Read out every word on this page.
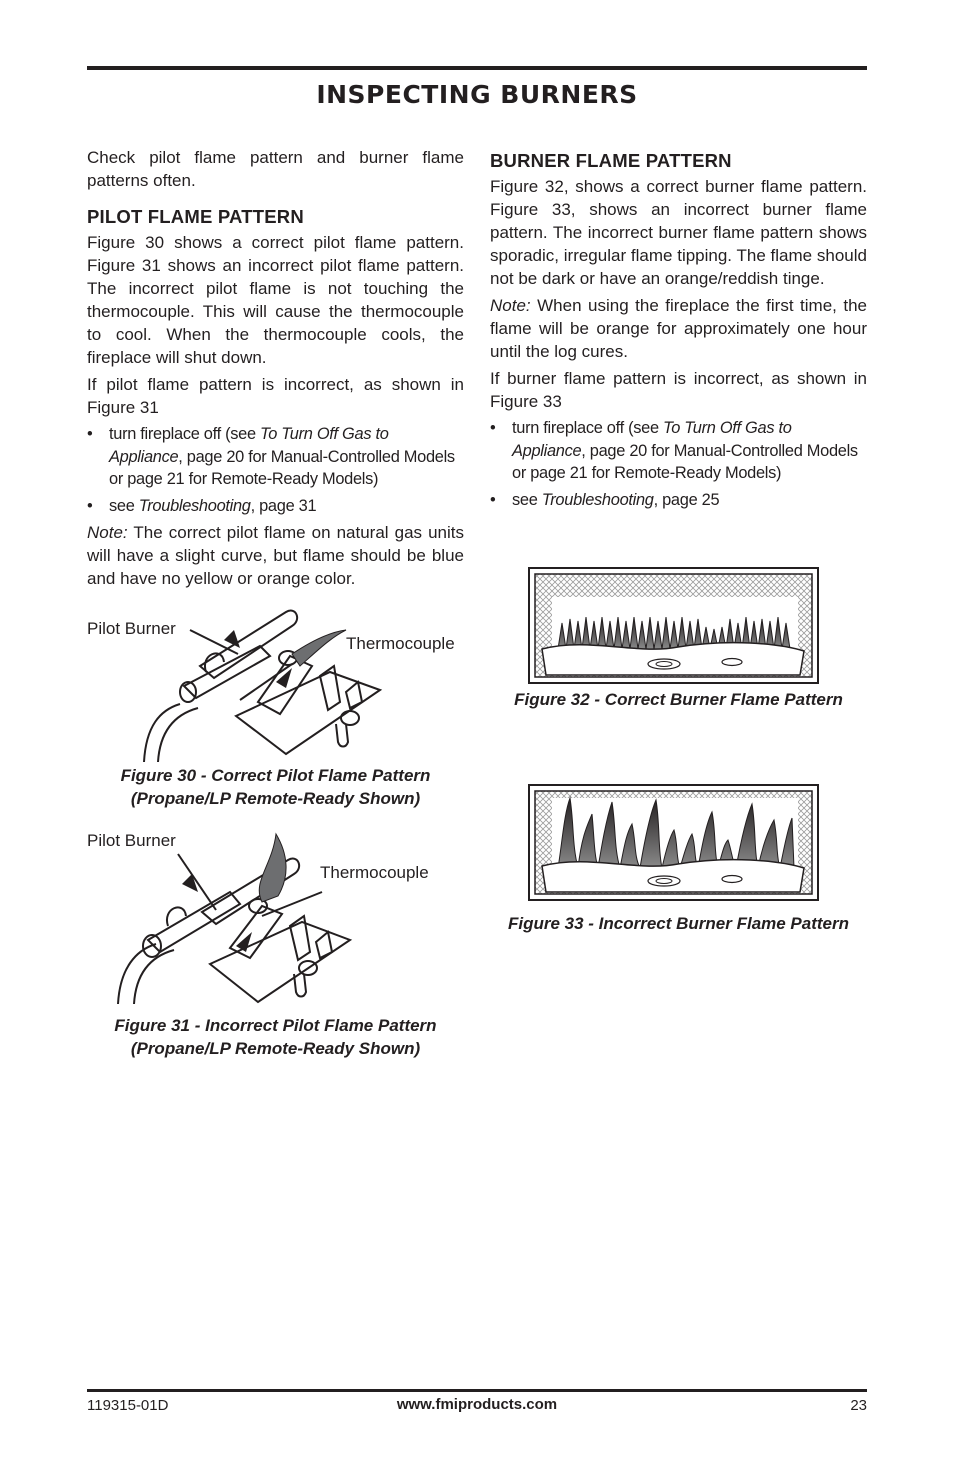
INSPECTING BURNERS

Check pilot flame pattern and burner flame patterns often.

PILOT FLAME PATTERN

Figure 30 shows a correct pilot flame pattern. Figure 31 shows an incorrect pilot flame pattern. The incorrect pilot flame is not touching the thermocouple. This will cause the thermocouple to cool. When the thermocouple cools, the fireplace will shut down.

If pilot flame pattern is incorrect, as shown in Figure 31

• turn fireplace off (see To Turn Off Gas to Appliance, page 20 for Manual-Controlled Models or page 21 for Remote-Ready Models)
• see Troubleshooting, page 31

Note: The correct pilot flame on natural gas units will have a slight curve, but flame should be blue and have no yellow or orange color.

BURNER FLAME PATTERN

Figure 32, shows a correct burner flame pattern. Figure 33, shows an incorrect burner flame pattern. The incorrect burner flame pattern shows sporadic, irregular flame tipping. The flame should not be dark or have an orange/reddish tinge.

Note: When using the fireplace the first time, the flame will be orange for approximately one hour until the log cures.

If burner flame pattern is incorrect, as shown in Figure 33

• turn fireplace off (see To Turn Off Gas to Appliance, page 20 for Manual-Controlled Models or page 21 for Remote-Ready Models)
• see Troubleshooting, page 25
Pilot Burner
Thermocouple
Figure 30 - Correct Pilot Flame Pattern
(Propane/LP Remote-Ready Shown)
Pilot Burner
Thermocouple
Figure 31 - Incorrect Pilot Flame Pattern
(Propane/LP Remote-Ready Shown)
Figure 32 - Correct Burner Flame Pattern
Figure 33 - Incorrect Burner Flame Pattern
119315-01D	www.fmiproducts.com	23
